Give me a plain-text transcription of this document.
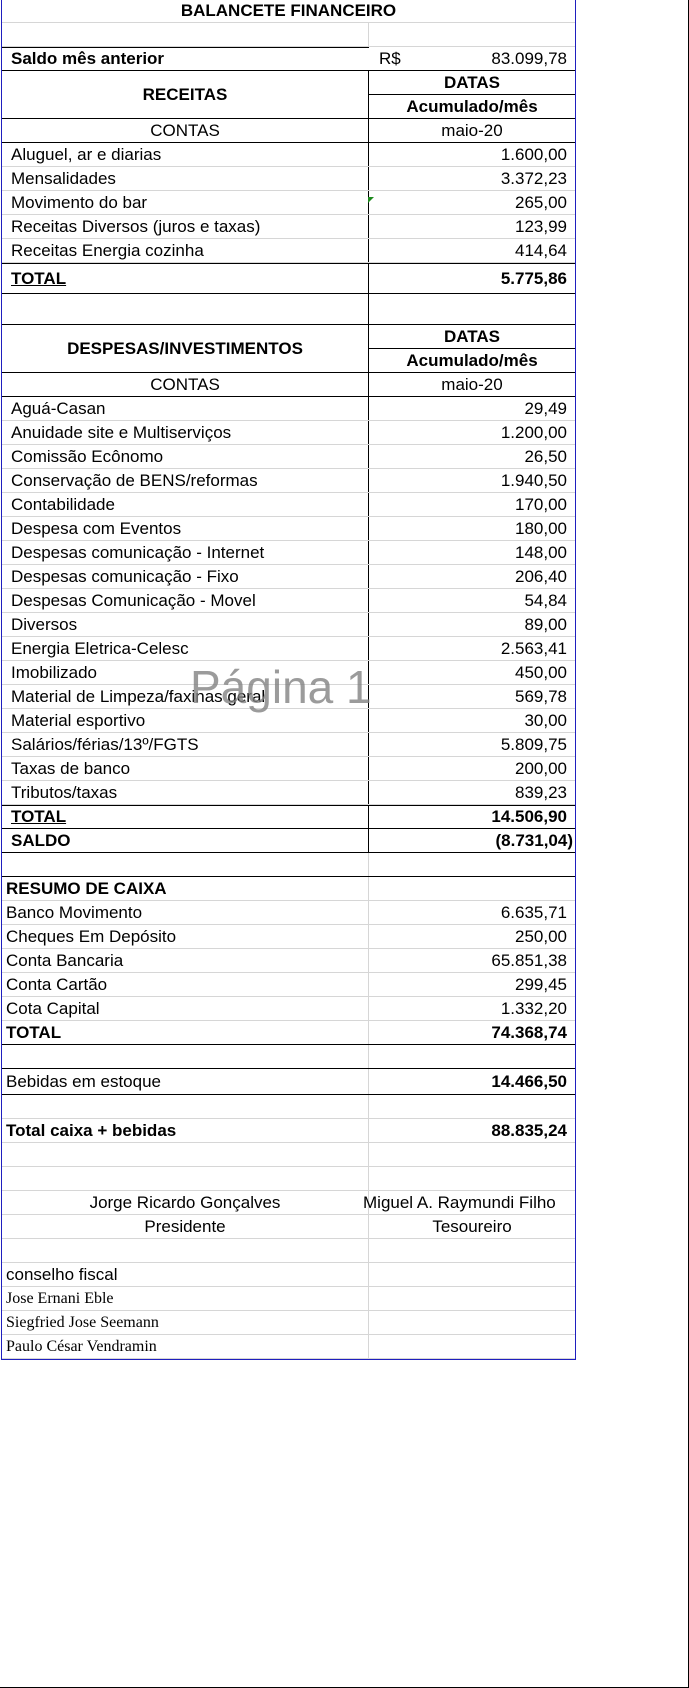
BALANCETE FINANCEIRO
Saldo mês anterior	R$	83.099,78
RECEITAS
DATAS
Acumulado/mês
CONTAS	maio-20
Aluguel, ar e diarias	1.600,00
Mensalidades	3.372,23
Movimento do bar	265,00
Receitas Diversos (juros e taxas)	123,99
Receitas Energia cozinha	414,64
TOTAL	5.775,86
DESPESAS/INVESTIMENTOS
DATAS
Acumulado/mês
CONTAS	maio-20
Aguá-Casan	29,49
Anuidade site e Multiserviços	1.200,00
Comissão Ecônomo	26,50
Conservação de BENS/reformas	1.940,50
Contabilidade	170,00
Despesa com Eventos	180,00
Despesas comunicação - Internet	148,00
Despesas comunicação - Fixo	206,40
Despesas Comunicação - Movel	54,84
Diversos	89,00
Energia Eletrica-Celesc	2.563,41
Imobilizado	450,00
Material de Limpeza/faxinas geral	569,78
Material esportivo	30,00
Salários/férias/13º/FGTS	5.809,75
Taxas de banco	200,00
Tributos/taxas	839,23
TOTAL	14.506,90
SALDO	(8.731,04)
RESUMO DE CAIXA
Banco Movimento	6.635,71
Cheques Em Depósito	250,00
Conta Bancaria	65.851,38
Conta Cartão	299,45
Cota Capital	1.332,20
TOTAL	74.368,74
Bebidas em estoque	14.466,50
Total caixa + bebidas	88.835,24
Jorge Ricardo Gonçalves	Miguel A. Raymundi Filho
Presidente	Tesoureiro
conselho fiscal
Jose Ernani Eble
Siegfried Jose Seemann
Paulo César Vendramin
Página 1
